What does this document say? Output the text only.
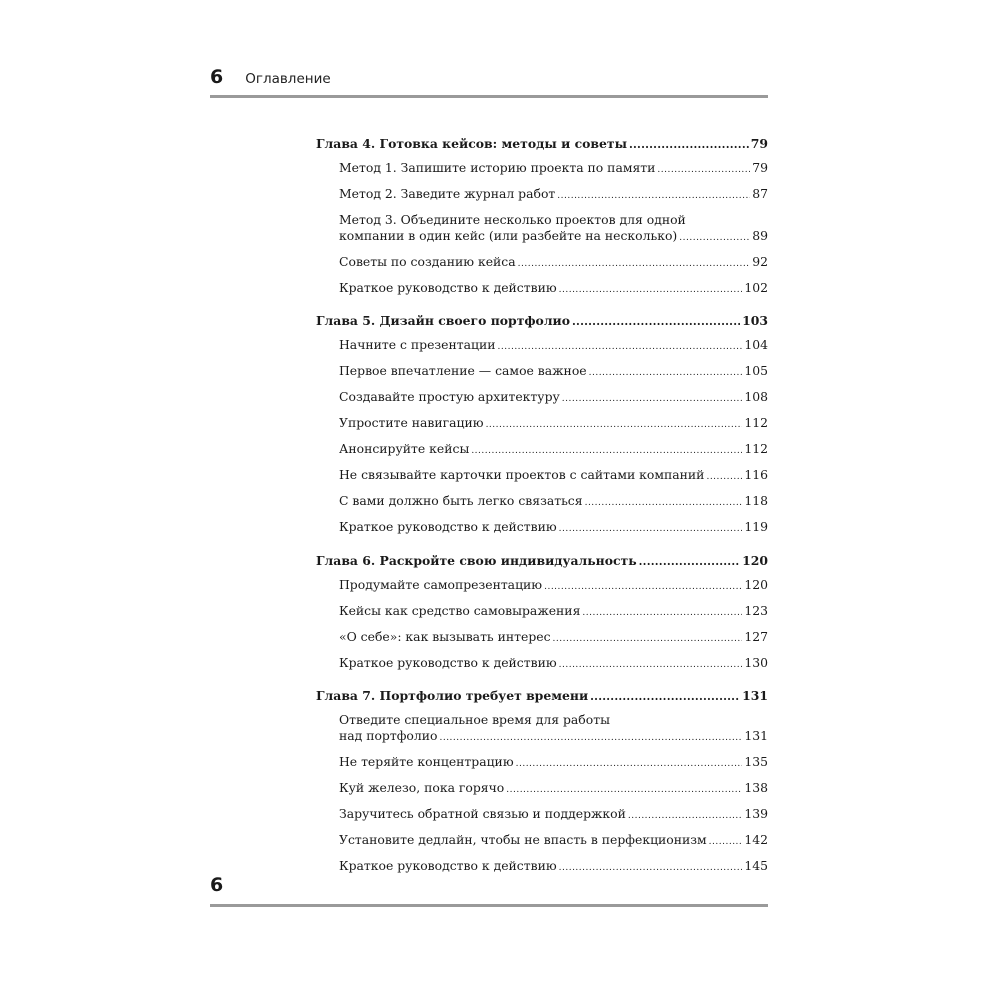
6 Оглавление
Глава 4. Готовка кейсов: методы и советы .....	79
Метод 1. Запишите историю проекта по памяти .....	79
Метод 2. Заведите журнал работ .....	87
Метод 3. Объедините несколько проектов для одной
компании в один кейс (или разбейте на несколько) .....	89
Советы по созданию кейса .....	92
Краткое руководство к действию .....	102
Глава 5. Дизайн своего портфолио .....	103
Начните с презентации .....	104
Первое впечатление — самое важное .....	105
Создавайте простую архитектуру .....	108
Упростите навигацию .....	112
Анонсируйте кейсы .....	112
Не связывайте карточки проектов с сайтами компаний .....	116
С вами должно быть легко связаться .....	118
Краткое руководство к действию .....	119
Глава 6. Раскройте свою индивидуальность .....	120
Продумайте самопрезентацию .....	120
Кейсы как средство самовыражения .....	123
«О себе»: как вызывать интерес .....	127
Краткое руководство к действию .....	130
Глава 7. Портфолио требует времени .....	131
Отведите специальное время для работы
над портфолио .....	131
Не теряйте концентрацию .....	135
Куй железо, пока горячо .....	138
Заручитесь обратной связью и поддержкой .....	139
Установите дедлайн, чтобы не впасть в перфекционизм .....	142
Краткое руководство к действию .....	145
6
